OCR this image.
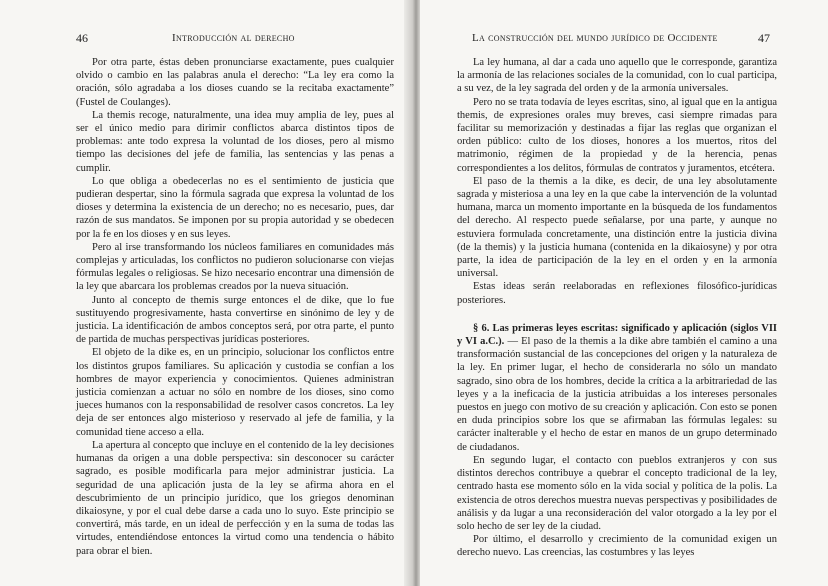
46	Introducción al derecho

Por otra parte, éstas deben pronunciarse exactamente, pues cualquier olvido o cambio en las palabras anula el derecho: “La ley era como la oración, sólo agradaba a los dioses cuando se la recitaba exactamente” (Fustel de Coulanges).

La themis recoge, naturalmente, una idea muy amplia de ley, pues al ser el único medio para dirimir conflictos abarca distintos tipos de problemas: ante todo expresa la voluntad de los dioses, pero al mismo tiempo las decisiones del jefe de familia, las sentencias y las penas a cumplir.

Lo que obliga a obedecerlas no es el sentimiento de justicia que pudieran despertar, sino la fórmula sagrada que expresa la voluntad de los dioses y determina la existencia de un derecho; no es necesario, pues, dar razón de sus mandatos. Se imponen por su propia autoridad y se obedecen por la fe en los dioses y en sus leyes.

Pero al irse transformando los núcleos familiares en comunidades más complejas y articuladas, los conflictos no pudieron solucionarse con viejas fórmulas legales o religiosas. Se hizo necesario encontrar una dimensión de la ley que abarcara los problemas creados por la nueva situación.

Junto al concepto de themis surge entonces el de dike, que lo fue sustituyendo progresivamente, hasta convertirse en sinónimo de ley y de justicia. La identificación de ambos conceptos será, por otra parte, el punto de partida de muchas perspectivas jurídicas posteriores.

El objeto de la dike es, en un principio, solucionar los conflictos entre los distintos grupos familiares. Su aplicación y custodia se confían a los hombres de mayor experiencia y conocimientos. Quienes administran justicia comienzan a actuar no sólo en nombre de los dioses, sino como jueces humanos con la responsabilidad de resolver casos concretos. La ley deja de ser entonces algo misterioso y reservado al jefe de familia, y la comunidad tiene acceso a ella.

La apertura al concepto que incluye en el contenido de la ley decisiones humanas da origen a una doble perspectiva: sin desconocer su carácter sagrado, es posible modificarla para mejor administrar justicia. La seguridad de una aplicación justa de la ley se afirma ahora en el descubrimiento de un principio jurídico, que los griegos denominan dikaiosyne, y por el cual debe darse a cada uno lo suyo. Este principio se convertirá, más tarde, en un ideal de perfección y en la suma de todas las virtudes, entendiéndose entonces la virtud como una tendencia o hábito para obrar el bien.

La construcción del mundo jurídico de Occidente	47

La ley humana, al dar a cada uno aquello que le corresponde, garantiza la armonía de las relaciones sociales de la comunidad, con lo cual participa, a su vez, de la ley sagrada del orden y de la armonía universales.

Pero no se trata todavía de leyes escritas, sino, al igual que en la antigua themis, de expresiones orales muy breves, casi siempre rimadas para facilitar su memorización y destinadas a fijar las reglas que organizan el orden público: culto de los dioses, honores a los muertos, ritos del matrimonio, régimen de la propiedad y de la herencia, penas correspondientes a los delitos, fórmulas de contratos y juramentos, etcétera.

El paso de la themis a la dike, es decir, de una ley absolutamente sagrada y misteriosa a una ley en la que cabe la intervención de la voluntad humana, marca un momento importante en la búsqueda de los fundamentos del derecho. Al respecto puede señalarse, por una parte, y aunque no estuviera formulada concretamente, una distinción entre la justicia divina (de la themis) y la justicia humana (contenida en la dikaiosyne) y por otra parte, la idea de participación de la ley en el orden y en la armonía universal.

Estas ideas serán reelaboradas en reflexiones filosófico-jurídicas posteriores.

§ 6. Las primeras leyes escritas: significado y aplicación (siglos VII y VI a.C.). — El paso de la themis a la dike abre también el camino a una transformación sustancial de las concepciones del origen y la naturaleza de la ley. En primer lugar, el hecho de considerarla no sólo un mandato sagrado, sino obra de los hombres, decide la crítica a la arbitrariedad de las leyes y a la ineficacia de la justicia atribuidas a los intereses personales puestos en juego con motivo de su creación y aplicación. Con esto se ponen en duda principios sobre los que se afirmaban las fórmulas legales: su carácter inalterable y el hecho de estar en manos de un grupo determinado de ciudadanos.

En segundo lugar, el contacto con pueblos extranjeros y con sus distintos derechos contribuye a quebrar el concepto tradicional de la ley, centrado hasta ese momento sólo en la vida social y política de la polis. La existencia de otros derechos muestra nuevas perspectivas y posibilidades de análisis y da lugar a una reconsideración del valor otorgado a la ley por el solo hecho de ser ley de la ciudad.

Por último, el desarrollo y crecimiento de la comunidad exigen un derecho nuevo. Las creencias, las costumbres y las leyes
